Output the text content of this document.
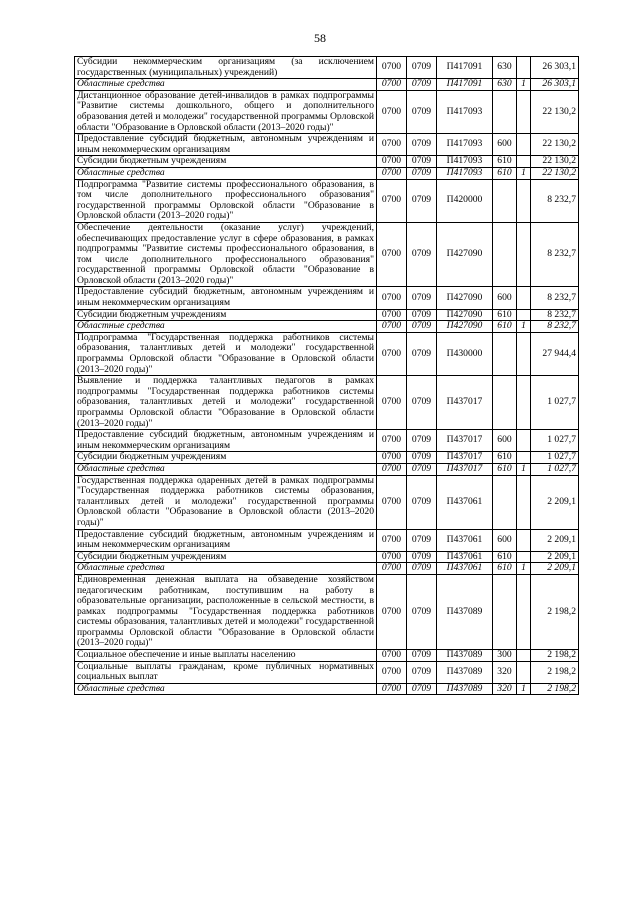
58
Субсидии некоммерческим организациям (за исключением государственных (муниципальных) учреждений)	0700	0709	П417091	630		26 303,1
Областные средства	0700	0709	П417091	630	1	26 303,1
Дистанционное образование детей-инвалидов в рамках подпрограммы "Развитие системы дошкольного, общего и дополнительного образования детей и молодежи" государственной программы Орловской области "Образование в Орловской области (2013–2020 годы)"	0700	0709	П417093			22 130,2
Предоставление субсидий бюджетным, автономным учреждениям и иным некоммерческим организациям	0700	0709	П417093	600		22 130,2
Субсидии бюджетным учреждениям	0700	0709	П417093	610		22 130,2
Областные средства	0700	0709	П417093	610	1	22 130,2
Подпрограмма "Развитие системы профессионального образования, в том числе дополнительного профессионального образования" государственной программы Орловской области "Образование в Орловской области (2013–2020 годы)"	0700	0709	П420000			8 232,7
Обеспечение деятельности (оказание услуг) учреждений, обеспечивающих предоставление услуг в сфере образования, в рамках подпрограммы "Развитие системы профессионального образования, в том числе дополнительного профессионального образования" государственной программы Орловской области "Образование в Орловской области (2013–2020 годы)"	0700	0709	П427090			8 232,7
Предоставление субсидий бюджетным, автономным учреждениям и иным некоммерческим организациям	0700	0709	П427090	600		8 232,7
Субсидии бюджетным учреждениям	0700	0709	П427090	610		8 232,7
Областные средства	0700	0709	П427090	610	1	8 232,7
Подпрограмма "Государственная поддержка работников системы образования, талантливых детей и молодежи" государственной программы Орловской области "Образование в Орловской области (2013–2020 годы)"	0700	0709	П430000			27 944,4
Выявление и поддержка талантливых педагогов в рамках подпрограммы "Государственная поддержка работников системы образования, талантливых детей и молодежи" государственной программы Орловской области "Образование в Орловской области (2013–2020 годы)"	0700	0709	П437017			1 027,7
Предоставление субсидий бюджетным, автономным учреждениям и иным некоммерческим организациям	0700	0709	П437017	600		1 027,7
Субсидии бюджетным учреждениям	0700	0709	П437017	610		1 027,7
Областные средства	0700	0709	П437017	610	1	1 027,7
Государственная поддержка одаренных детей в рамках подпрограммы "Государственная поддержка работников системы образования, талантливых детей и молодежи" государственной программы Орловской области "Образование в Орловской области (2013–2020 годы)"	0700	0709	П437061			2 209,1
Предоставление субсидий бюджетным, автономным учреждениям и иным некоммерческим организациям	0700	0709	П437061	600		2 209,1
Субсидии бюджетным учреждениям	0700	0709	П437061	610		2 209,1
Областные средства	0700	0709	П437061	610	1	2 209,1
Единовременная денежная выплата на обзаведение хозяйством педагогическим работникам, поступившим на работу в образовательные организации, расположенные в сельской местности, в рамках подпрограммы "Государственная поддержка работников системы образования, талантливых детей и молодежи" государственной программы Орловской области "Образование в Орловской области (2013–2020 годы)"	0700	0709	П437089			2 198,2
Социальное обеспечение и иные выплаты населению	0700	0709	П437089	300		2 198,2
Социальные выплаты гражданам, кроме публичных нормативных социальных выплат	0700	0709	П437089	320		2 198,2
Областные средства	0700	0709	П437089	320	1	2 198,2
